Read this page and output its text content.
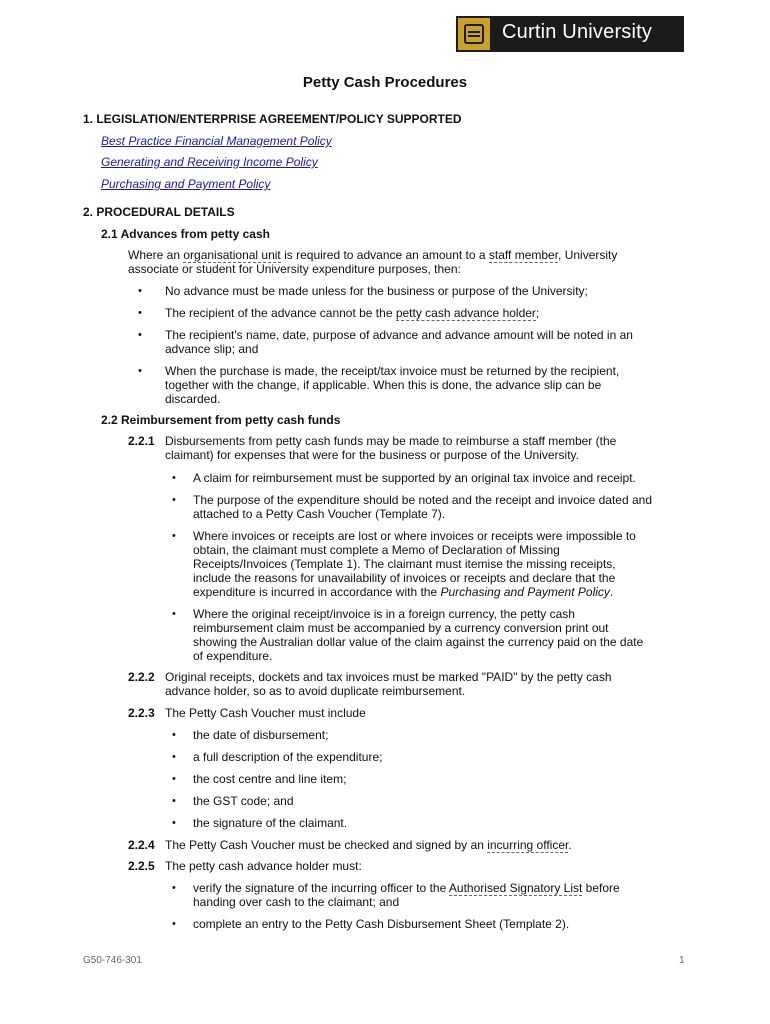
Curtin University
Petty Cash Procedures
1. LEGISLATION/ENTERPRISE AGREEMENT/POLICY SUPPORTED
Best Practice Financial Management Policy
Generating and Receiving Income Policy
Purchasing and Payment Policy
2. PROCEDURAL DETAILS
2.1 Advances from petty cash
Where an organisational unit is required to advance an amount to a staff member, University
associate or student for University expenditure purposes, then:
• No advance must be made unless for the business or purpose of the University;
• The recipient of the advance cannot be the petty cash advance holder;
• The recipient's name, date, purpose of advance and advance amount will be noted in an
advance slip; and
• When the purchase is made, the receipt/tax invoice must be returned by the recipient,
together with the change, if applicable. When this is done, the advance slip can be
discarded.
2.2 Reimbursement from petty cash funds
2.2.1 Disbursements from petty cash funds may be made to reimburse a staff member (the
claimant) for expenses that were for the business or purpose of the University.
• A claim for reimbursement must be supported by an original tax invoice and receipt.
• The purpose of the expenditure should be noted and the receipt and invoice dated and
attached to a Petty Cash Voucher (Template 7).
• Where invoices or receipts are lost or where invoices or receipts were impossible to
obtain, the claimant must complete a Memo of Declaration of Missing
Receipts/Invoices (Template 1). The claimant must itemise the missing receipts,
include the reasons for unavailability of invoices or receipts and declare that the
expenditure is incurred in accordance with the Purchasing and Payment Policy.
• Where the original receipt/invoice is in a foreign currency, the petty cash
reimbursement claim must be accompanied by a currency conversion print out
showing the Australian dollar value of the claim against the currency paid on the date
of expenditure.
2.2.2 Original receipts, dockets and tax invoices must be marked "PAID" by the petty cash
advance holder, so as to avoid duplicate reimbursement.
2.2.3 The Petty Cash Voucher must include
• the date of disbursement;
• a full description of the expenditure;
• the cost centre and line item;
• the GST code; and
• the signature of the claimant.
2.2.4 The Petty Cash Voucher must be checked and signed by an incurring officer.
2.2.5 The petty cash advance holder must:
• verify the signature of the incurring officer to the Authorised Signatory List before
handing over cash to the claimant; and
• complete an entry to the Petty Cash Disbursement Sheet (Template 2).
G50-746-301	1
